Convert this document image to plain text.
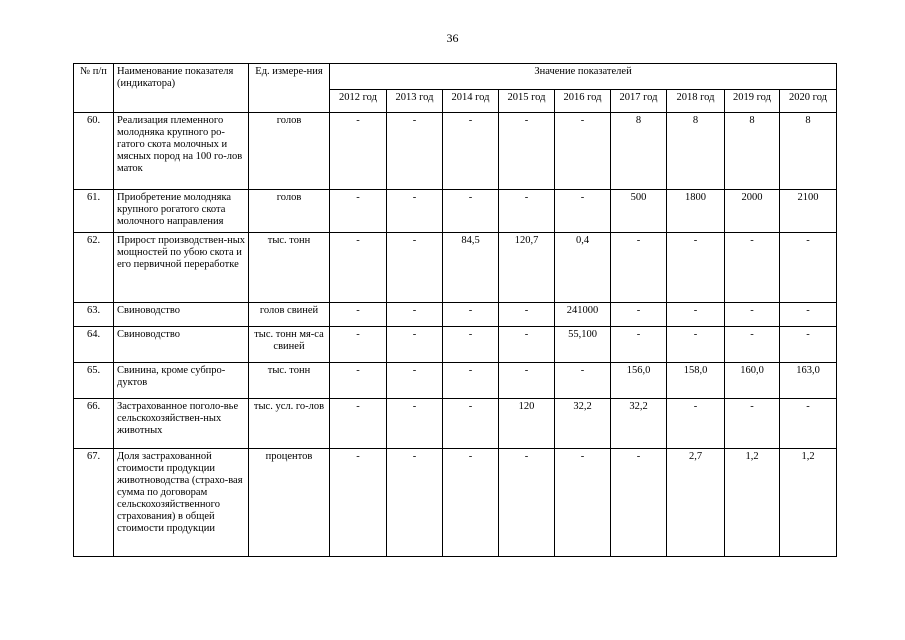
36
№ п/п	Наименование показателя (индикатора)	Ед. измере-ния	Значение показателей								
			2012 год	2013 год	2014 год	2015 год	2016 год	2017 год	2018 год	2019 год	2020 год
60.	Реализация племенного молодняка крупного ро-гатого скота молочных и мясных пород на 100 го-лов маток	голов	-	-	-	-	-	8	8	8	8
61.	Приобретение молодняка крупного рогатого скота молочного направления	голов	-	-	-	-	-	500	1800	2000	2100
62.	Прирост производствен-ных мощностей по убою скота и его первичной переработке	тыс. тонн	-	-	84,5	120,7	0,4	-	-	-	-
63.	Свиноводство	голов свиней	-	-	-	-	241000	-	-	-	-
64.	Свиноводство	тыс. тонн мя-са свиней	-	-	-	-	55,100	-	-	-	-
65.	Свинина, кроме субпро-дуктов	тыс. тонн	-	-	-	-	-	156,0	158,0	160,0	163,0
66.	Застрахованное поголо-вье сельскохозяйствен-ных животных	тыс. усл. го-лов	-	-	-	120	32,2	32,2	-	-	-
67.	Доля застрахованной стоимости продукции животноводства (страхо-вая сумма по договорам сельскохозяйственного страхования) в общей стоимости продукции	процентов	-	-	-	-	-	-	2,7	1,2	1,2
